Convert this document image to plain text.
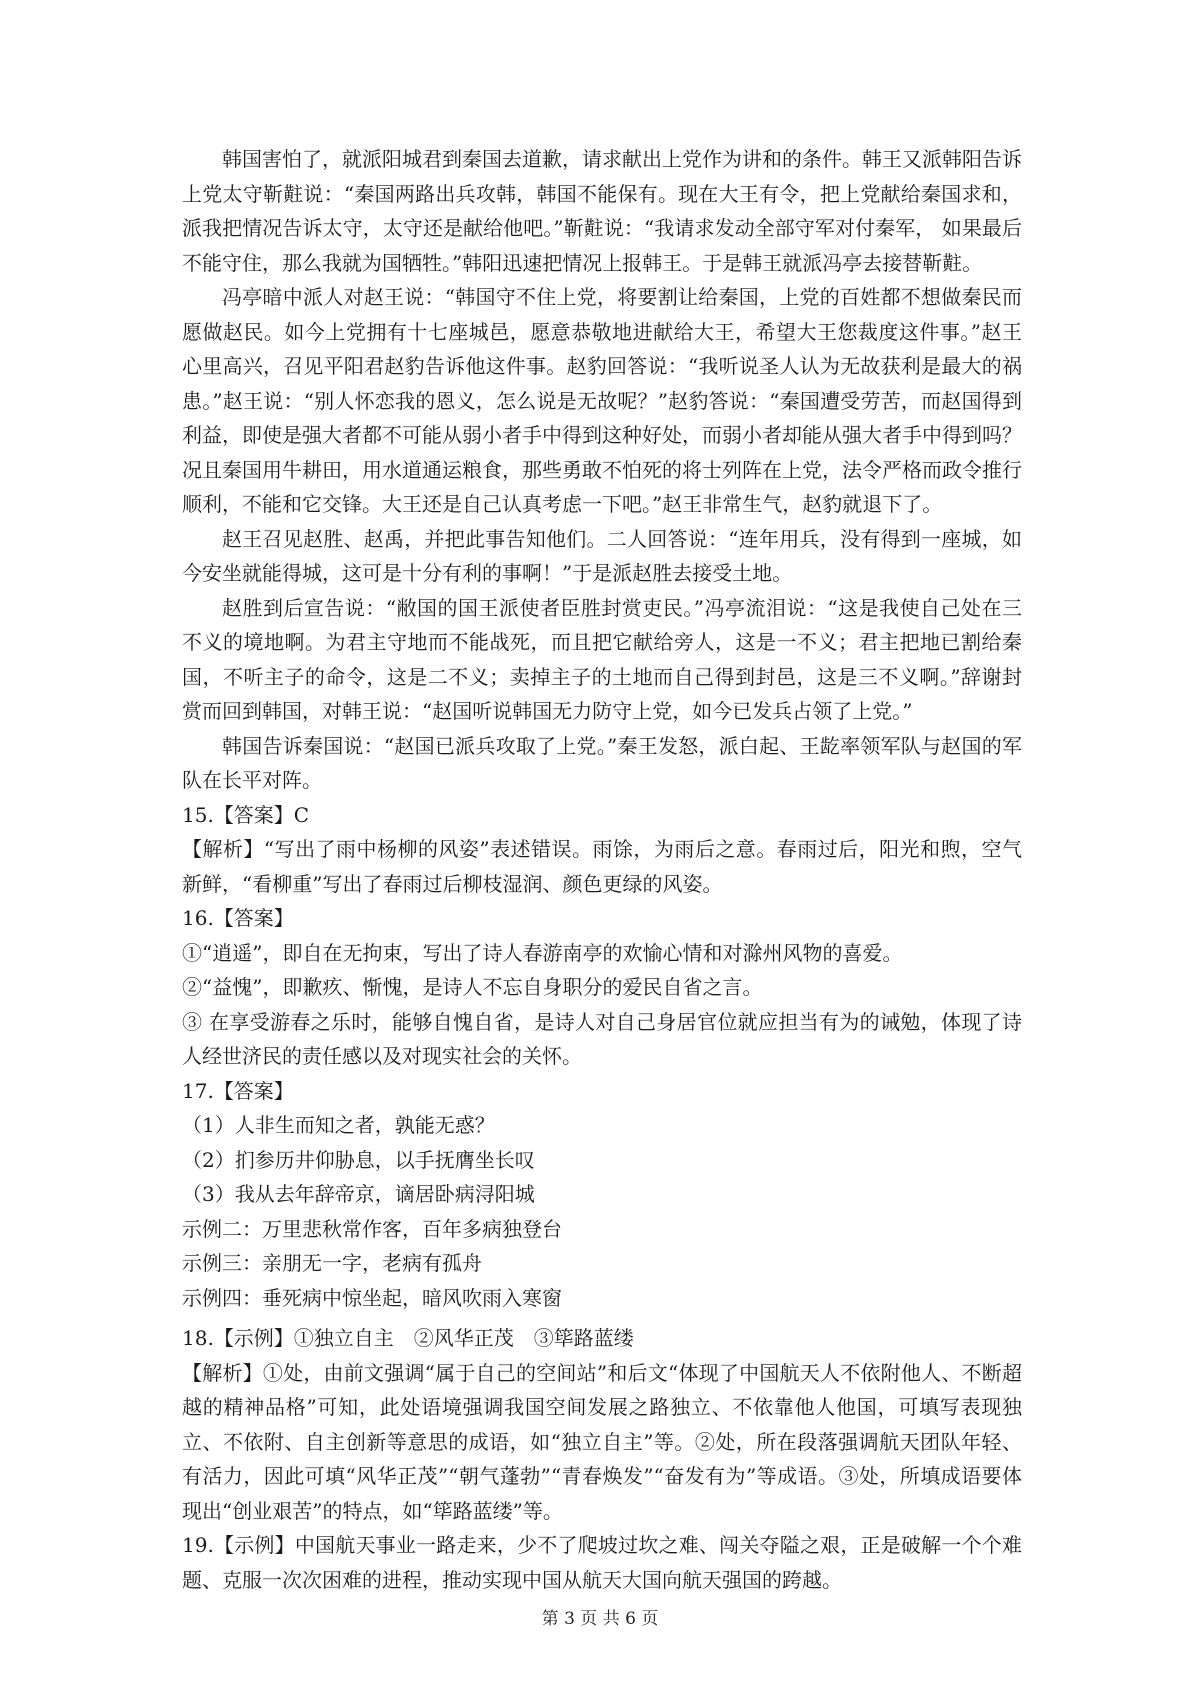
韩国害怕了，就派阳城君到秦国去道歉，请求献出上党作为讲和的条件。韩王又派韩阳告诉上党太守靳黈说：“秦国两路出兵攻韩，韩国不能保有。现在大王有令，把上党献给秦国求和，派我把情况告诉太守，太守还是献给他吧。”靳黈说：“我请求发动全部守军对付秦军， 如果最后不能守住，那么我就为国牺牲。”韩阳迅速把情况上报韩王。于是韩王就派冯亭去接替靳黈。

冯亭暗中派人对赵王说：“韩国守不住上党，将要割让给秦国，上党的百姓都不想做秦民而愿做赵民。如今上党拥有十七座城邑，愿意恭敬地进献给大王，希望大王您裁度这件事。”赵王心里高兴，召见平阳君赵豹告诉他这件事。赵豹回答说：“我听说圣人认为无故获利是最大的祸患。”赵王说：“别人怀恋我的恩义，怎么说是无故呢？”赵豹答说：“秦国遭受劳苦，而赵国得到利益，即使是强大者都不可能从弱小者手中得到这种好处，而弱小者却能从强大者手中得到吗？况且秦国用牛耕田，用水道通运粮食，那些勇敢不怕死的将士列阵在上党，法令严格而政令推行顺利，不能和它交锋。大王还是自己认真考虑一下吧。”赵王非常生气，赵豹就退下了。

赵王召见赵胜、赵禹，并把此事告知他们。二人回答说：“连年用兵，没有得到一座城，如今安坐就能得城，这可是十分有利的事啊！”于是派赵胜去接受土地。

赵胜到后宣告说：“敝国的国王派使者臣胜封赏吏民。”冯亭流泪说：“这是我使自己处在三不义的境地啊。为君主守地而不能战死，而且把它献给旁人，这是一不义；君主把地已割给秦国，不听主子的命令，这是二不义；卖掉主子的土地而自己得到封邑，这是三不义啊。”辞谢封赏而回到韩国，对韩王说：“赵国听说韩国无力防守上党，如今已发兵占领了上党。”

韩国告诉秦国说：“赵国已派兵攻取了上党。”秦王发怒，派白起、王龁率领军队与赵国的军队在长平对阵。

15.【答案】C

【解析】“写出了雨中杨柳的风姿”表述错误。雨馀，为雨后之意。春雨过后，阳光和煦，空气新鲜，“看柳重”写出了春雨过后柳枝湿润、颜色更绿的风姿。

16.【答案】

①“逍遥”，即自在无拘束，写出了诗人春游南亭的欢愉心情和对滁州风物的喜爱。

②“益愧”，即歉疚、惭愧，是诗人不忘自身职分的爱民自省之言。

③ 在享受游春之乐时，能够自愧自省，是诗人对自己身居官位就应担当有为的诫勉，体现了诗人经世济民的责任感以及对现实社会的关怀。

17.【答案】

（1）人非生而知之者，孰能无惑？

（2）扪参历井仰胁息，以手抚膺坐长叹

（3）我从去年辞帝京，谪居卧病浔阳城

示例二：万里悲秋常作客，百年多病独登台

示例三：亲朋无一字，老病有孤舟

示例四：垂死病中惊坐起，暗风吹雨入寒窗

18.【示例】①独立自主　②风华正茂　③筚路蓝缕

【解析】①处，由前文强调“属于自己的空间站”和后文“体现了中国航天人不依附他人、不断超越的精神品格”可知，此处语境强调我国空间发展之路独立、不依靠他人他国，可填写表现独立、不依附、自主创新等意思的成语，如“独立自主”等。②处，所在段落强调航天团队年轻、有活力，因此可填“风华正茂”“朝气蓬勃”“青春焕发”“奋发有为”等成语。③处，所填成语要体现出“创业艰苦”的特点，如“筚路蓝缕”等。

19.【示例】中国航天事业一路走来，少不了爬坡过坎之难、闯关夺隘之艰，正是破解一个个难题、克服一次次困难的进程，推动实现中国从航天大国向航天强国的跨越。

第 3 页 共 6 页
